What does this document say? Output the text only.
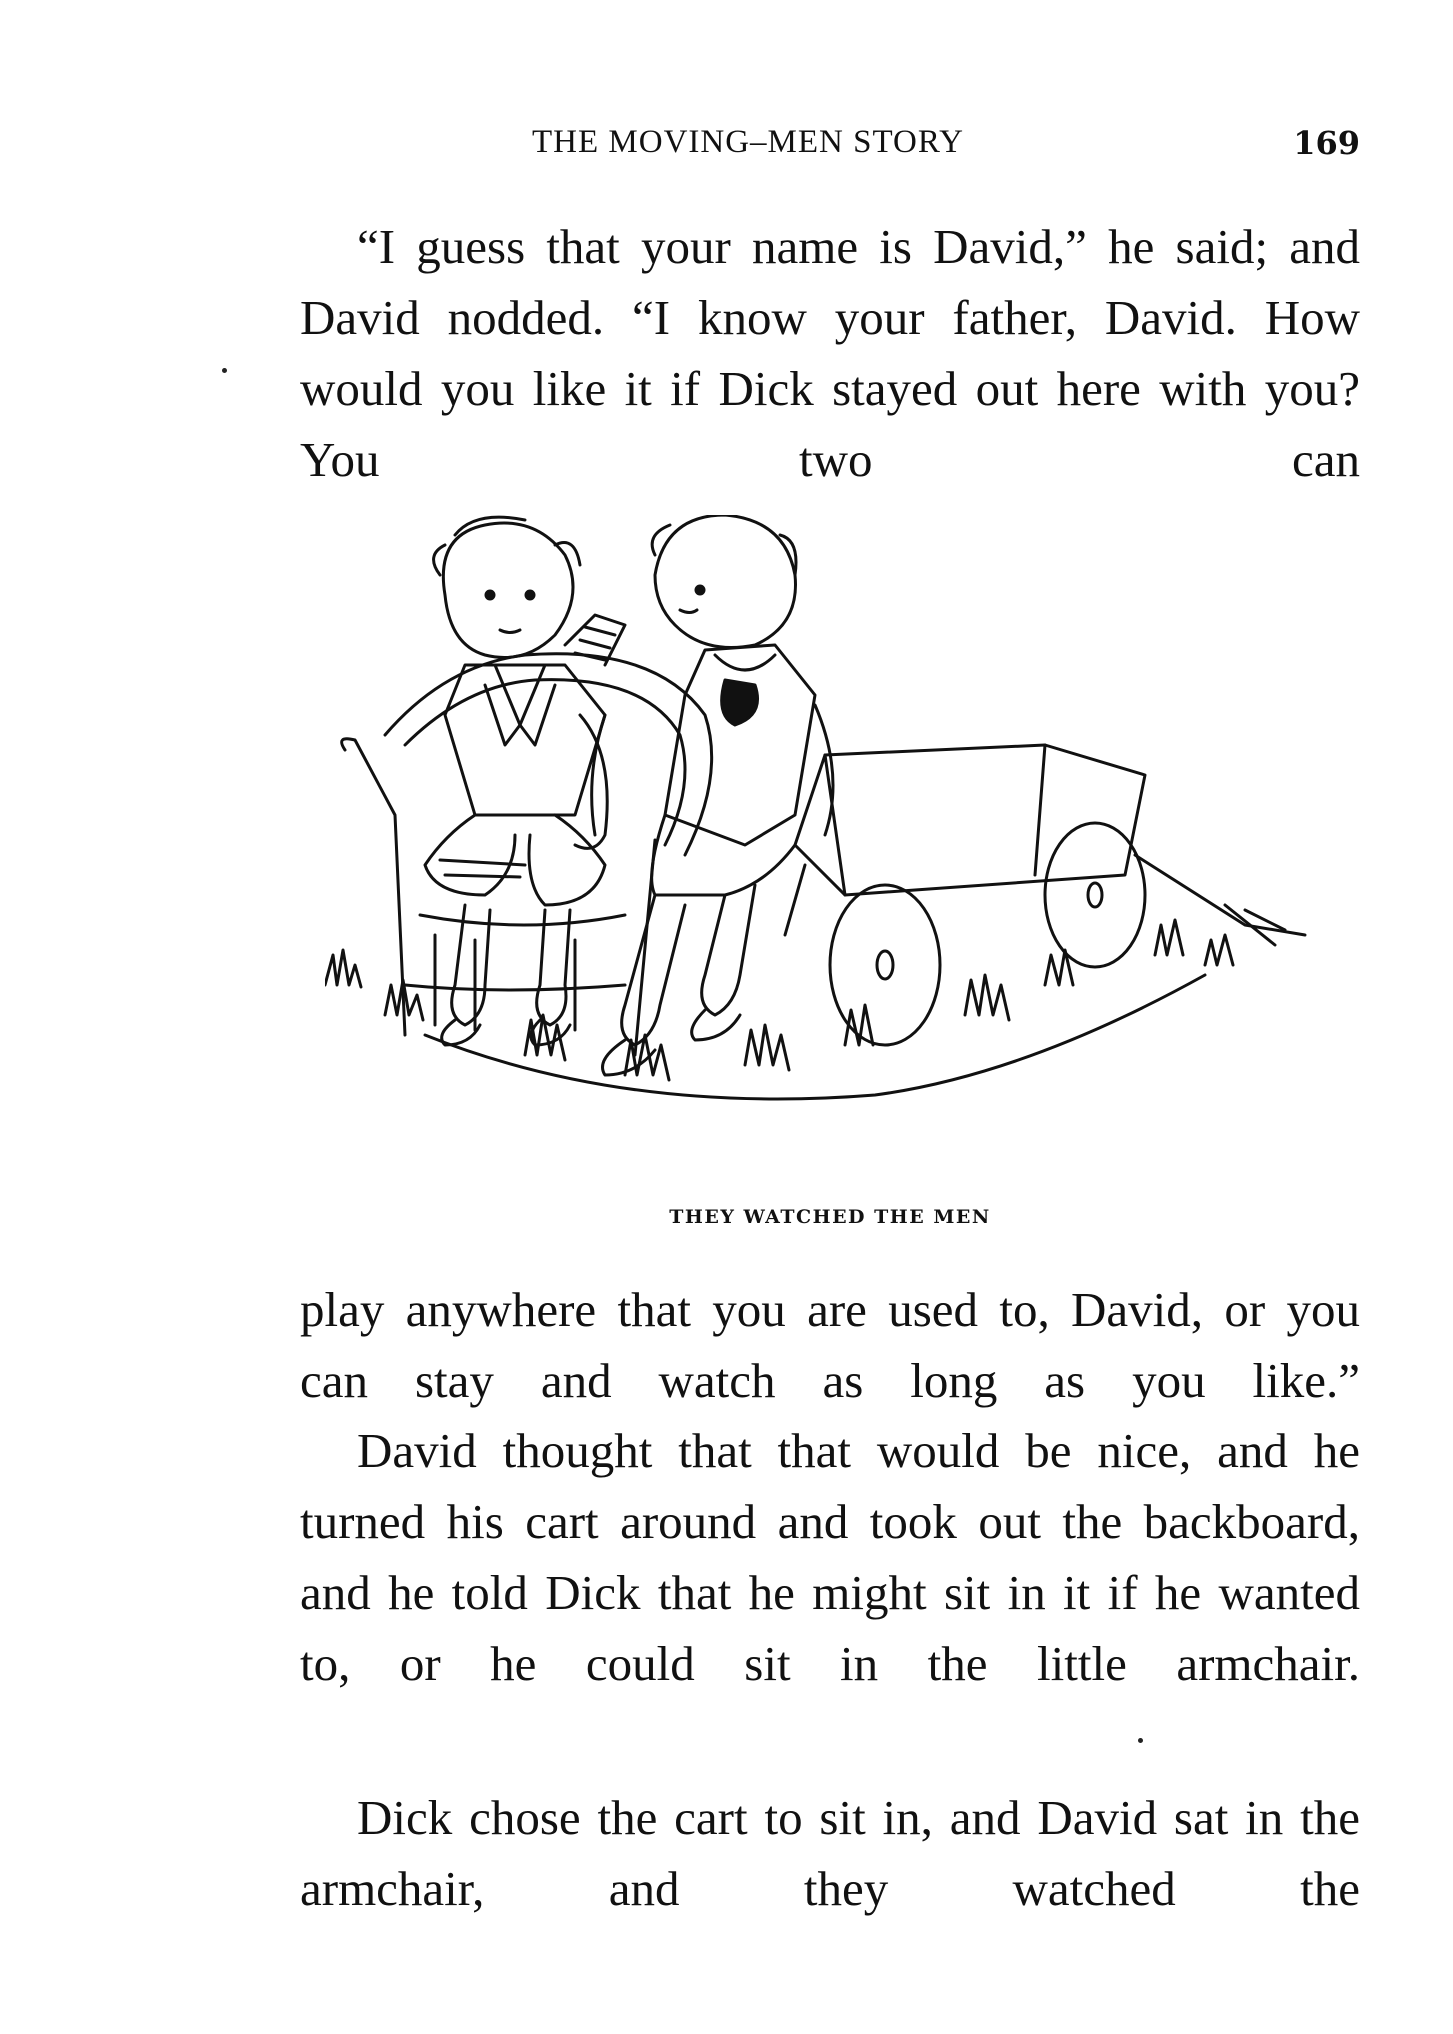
THE MOVING–MEN STORY	169
“I guess that your name is David,” he said; and David nodded. “I know your father, David. How would you like it if Dick stayed out here with you? You two can
THEY WATCHED THE MEN
play anywhere that you are used to, David, or you can stay and watch as long as you like.”
David thought that that would be nice, and he turned his cart around and took out the backboard, and he told Dick that he might sit in it if he wanted to, or he could sit in the little armchair.
Dick chose the cart to sit in, and David sat in the armchair, and they watched the
